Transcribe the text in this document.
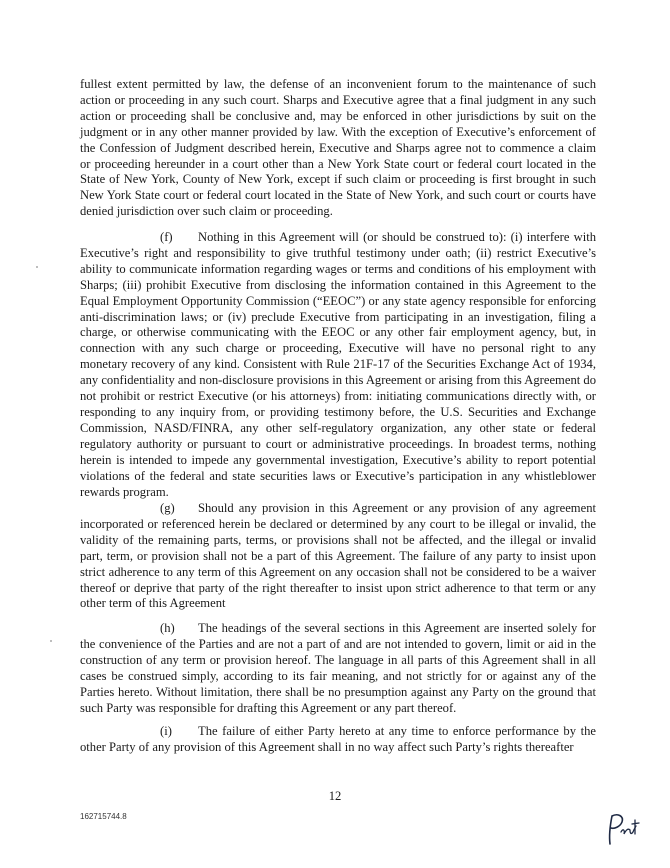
fullest extent permitted by law, the defense of an inconvenient forum to the maintenance of such action or proceeding in any such court. Sharps and Executive agree that a final judgment in any such action or proceeding shall be conclusive and, may be enforced in other jurisdictions by suit on the judgment or in any other manner provided by law. With the exception of Executive’s enforcement of the Confession of Judgment described herein, Executive and Sharps agree not to commence a claim or proceeding hereunder in a court other than a New York State court or federal court located in the State of New York, County of New York, except if such claim or proceeding is first brought in such New York State court or federal court located in the State of New York, and such court or courts have denied jurisdiction over such claim or proceeding.

(f) Nothing in this Agreement will (or should be construed to): (i) interfere with Executive’s right and responsibility to give truthful testimony under oath; (ii) restrict Executive’s ability to communicate information regarding wages or terms and conditions of his employment with Sharps; (iii) prohibit Executive from disclosing the information contained in this Agreement to the Equal Employment Opportunity Commission (“EEOC”) or any state agency responsible for enforcing anti-discrimination laws; or (iv) preclude Executive from participating in an investigation, filing a charge, or otherwise communicating with the EEOC or any other fair employment agency, but, in connection with any such charge or proceeding, Executive will have no personal right to any monetary recovery of any kind. Consistent with Rule 21F-17 of the Securities Exchange Act of 1934, any confidentiality and non-disclosure provisions in this Agreement or arising from this Agreement do not prohibit or restrict Executive (or his attorneys) from: initiating communications directly with, or responding to any inquiry from, or providing testimony before, the U.S. Securities and Exchange Commission, NASD/FINRA, any other self-regulatory organization, any other state or federal regulatory authority or pursuant to court or administrative proceedings. In broadest terms, nothing herein is intended to impede any governmental investigation, Executive’s ability to report potential violations of the federal and state securities laws or Executive’s participation in any whistleblower rewards program.

(g) Should any provision in this Agreement or any provision of any agreement incorporated or referenced herein be declared or determined by any court to be illegal or invalid, the validity of the remaining parts, terms, or provisions shall not be affected, and the illegal or invalid part, term, or provision shall not be a part of this Agreement. The failure of any party to insist upon strict adherence to any term of this Agreement on any occasion shall not be considered to be a waiver thereof or deprive that party of the right thereafter to insist upon strict adherence to that term or any other term of this Agreement

(h) The headings of the several sections in this Agreement are inserted solely for the convenience of the Parties and are not a part of and are not intended to govern, limit or aid in the construction of any term or provision hereof. The language in all parts of this Agreement shall in all cases be construed simply, according to its fair meaning, and not strictly for or against any of the Parties hereto. Without limitation, there shall be no presumption against any Party on the ground that such Party was responsible for drafting this Agreement or any part thereof.

(i) The failure of either Party hereto at any time to enforce performance by the other Party of any provision of this Agreement shall in no way affect such Party’s rights thereafter

12
162715744.8
